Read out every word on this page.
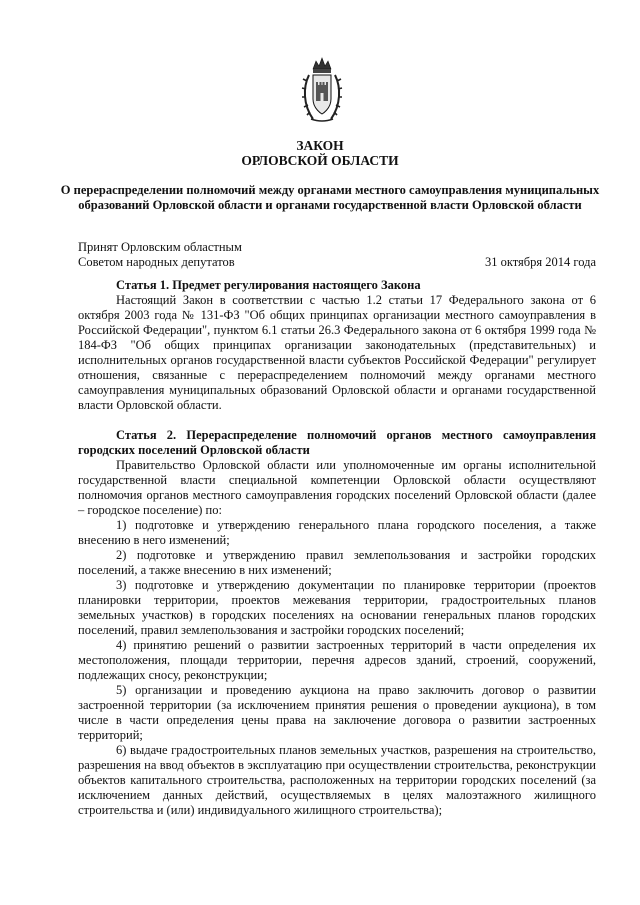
ЗАКОН
ОРЛОВСКОЙ ОБЛАСТИ
О перераспределении полномочий между органами местного самоуправления муниципальных образований Орловской области и органами государственной власти Орловской области
Принят Орловским областным
Советом народных депутатов	31 октября 2014 года

Статья 1. Предмет регулирования настоящего Закона

Настоящий Закон в соответствии с частью 1.2 статьи 17 Федерального закона от 6 октября 2003 года № 131-ФЗ "Об общих принципах организации местного самоуправления в Российской Федерации", пунктом 6.1 статьи 26.3 Федерального закона от 6 октября 1999 года № 184-ФЗ "Об общих принципах организации законодательных (представительных) и исполнительных органов государственной власти субъектов Российской Федерации" регулирует отношения, связанные с перераспределением полномочий между органами местного самоуправления муниципальных образований Орловской области и органами государственной власти Орловской области.

Статья 2. Перераспределение полномочий органов местного самоуправления городских поселений Орловской области

Правительство Орловской области или уполномоченные им органы исполнительной государственной власти специальной компетенции Орловской области осуществляют полномочия органов местного самоуправления городских поселений Орловской области (далее – городское поселение) по:

1) подготовке и утверждению генерального плана городского поселения, а также внесению в него изменений;

2) подготовке и утверждению правил землепользования и застройки городских поселений, а также внесению в них изменений;

3) подготовке и утверждению документации по планировке территории (проектов планировки территории, проектов межевания территории, градостроительных планов земельных участков) в городских поселениях на основании генеральных планов городских поселений, правил землепользования и застройки городских поселений;

4) принятию решений о развитии застроенных территорий в части определения их местоположения, площади территории, перечня адресов зданий, строений, сооружений, подлежащих сносу, реконструкции;

5) организации и проведению аукциона на право заключить договор о развитии застроенной территории (за исключением принятия решения о проведении аукциона), в том числе в части определения цены права на заключение договора о развитии застроенных территорий;

6) выдаче градостроительных планов земельных участков, разрешения на строительство, разрешения на ввод объектов в эксплуатацию при осуществлении строительства, реконструкции объектов капитального строительства, расположенных на территории городских поселений (за исключением данных действий, осуществляемых в целях малоэтажного жилищного строительства и (или) индивидуального жилищного строительства);
